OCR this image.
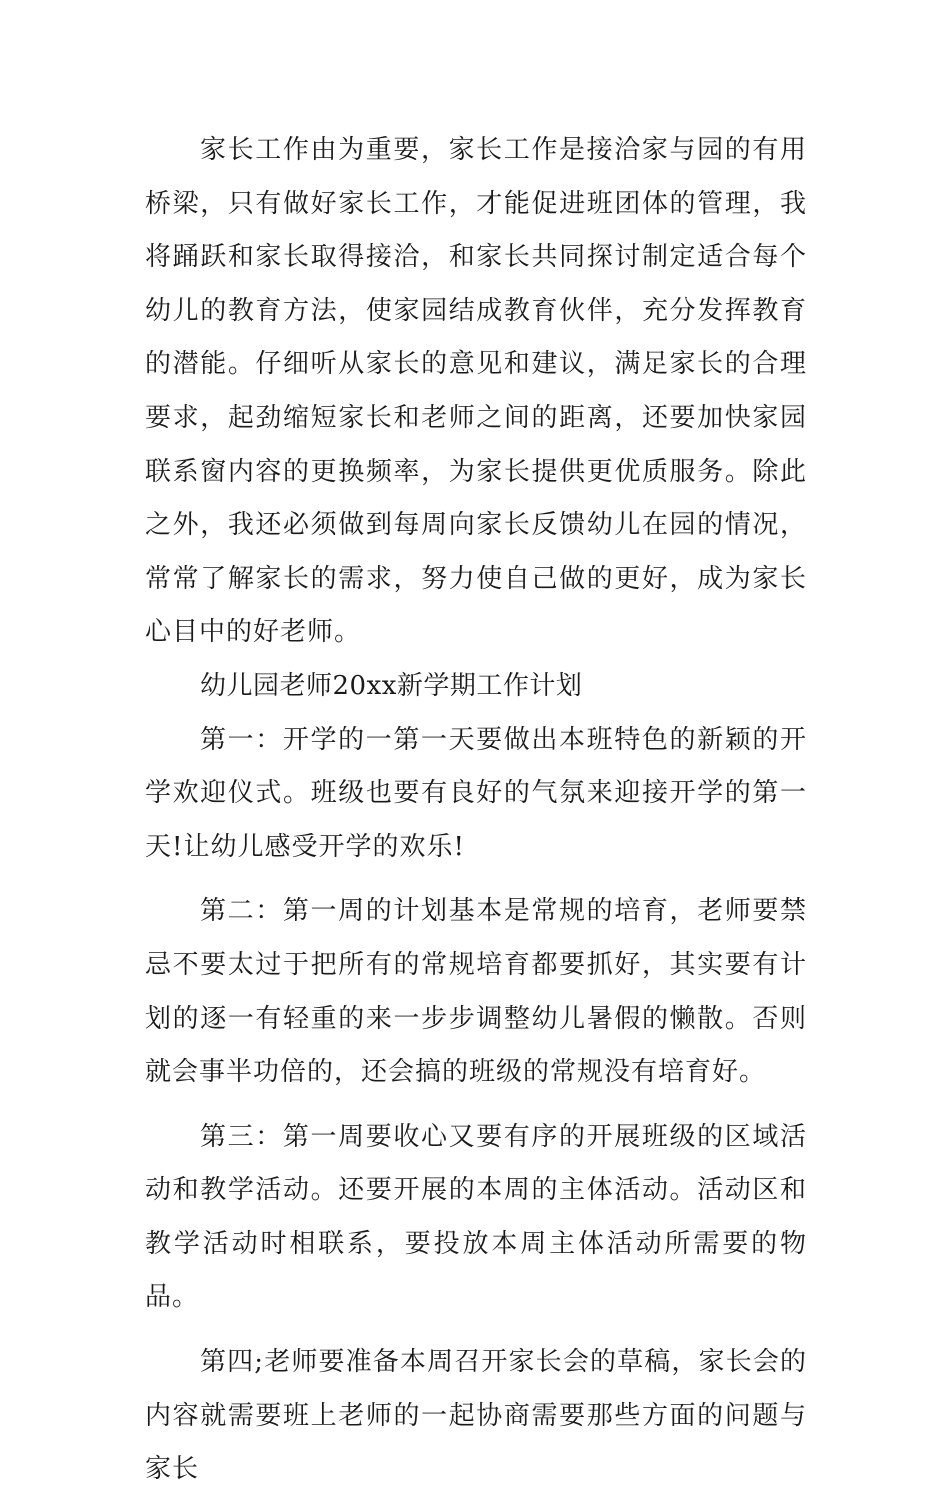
家长工作由为重要，家长工作是接洽家与园的有用桥梁，只有做好家长工作，才能促进班团体的管理，我将踊跃和家长取得接洽，和家长共同探讨制定适合每个幼儿的教育方法，使家园结成教育伙伴，充分发挥教育的潜能。仔细听从家长的意见和建议，满足家长的合理要求，起劲缩短家长和老师之间的距离，还要加快家园联系窗内容的更换频率，为家长提供更优质服务。除此之外，我还必须做到每周向家长反馈幼儿在园的情况，常常了解家长的需求，努力使自己做的更好，成为家长心目中的好老师。

幼儿园老师20xx新学期工作计划

第一：开学的一第一天要做出本班特色的新颖的开学欢迎仪式。班级也要有良好的气氛来迎接开学的第一天!让幼儿感受开学的欢乐!

第二：第一周的计划基本是常规的培育，老师要禁忌不要太过于把所有的常规培育都要抓好，其实要有计划的逐一有轻重的来一步步调整幼儿暑假的懒散。否则就会事半功倍的，还会搞的班级的常规没有培育好。

第三：第一周要收心又要有序的开展班级的区域活动和教学活动。还要开展的本周的主体活动。活动区和教学活动时相联系，要投放本周主体活动所需要的物品。

第四;老师要准备本周召开家长会的草稿，家长会的内容就需要班上老师的一起协商需要那些方面的问题与家长
